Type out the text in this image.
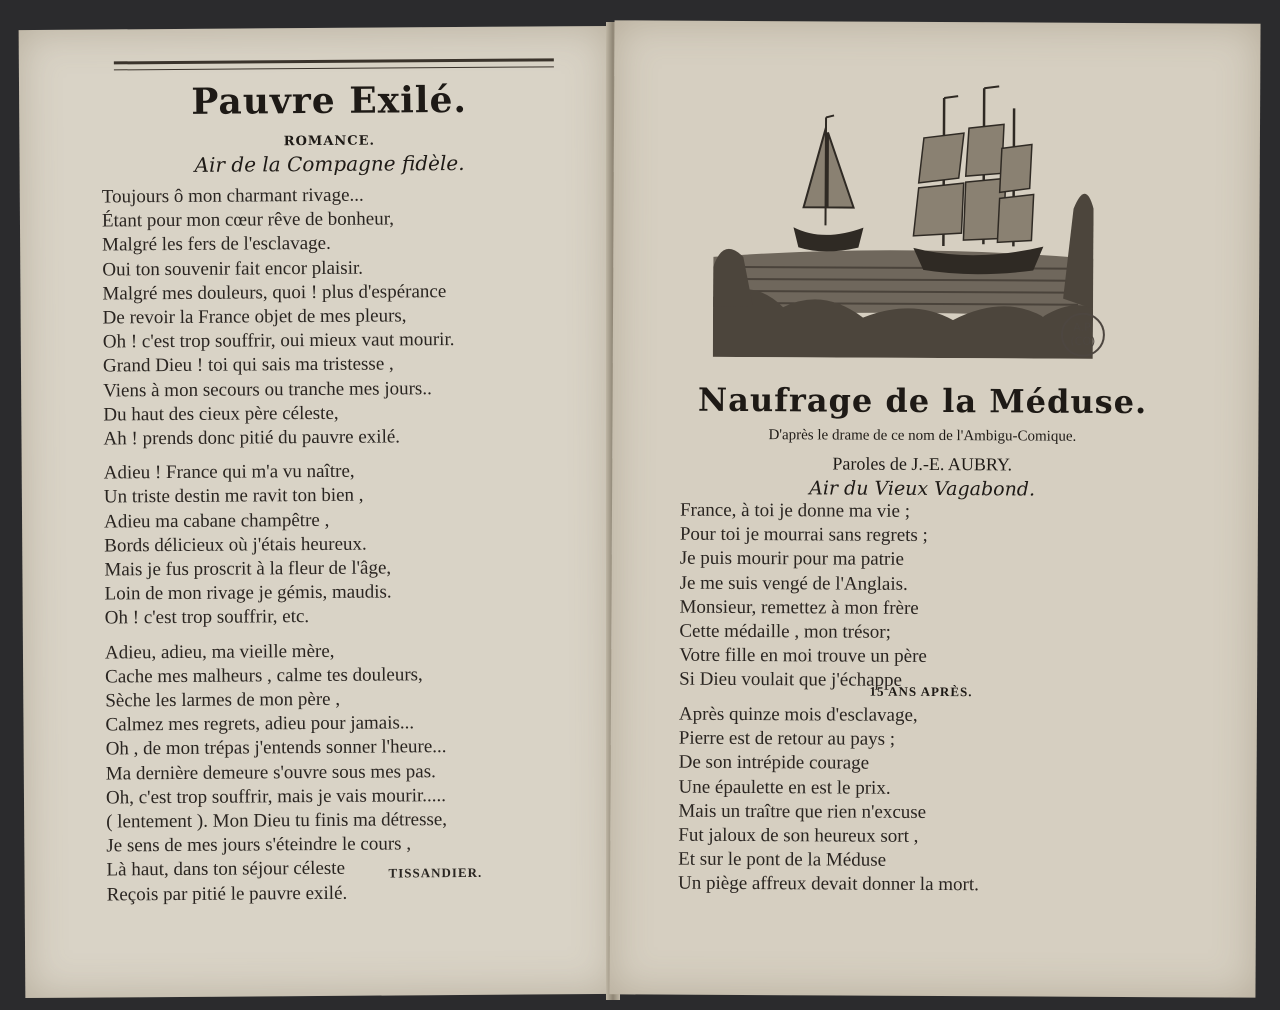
Pauvre Exilé.
ROMANCE.
Air de la Compagne fidèle.
Toujours ô mon charmant rivage...
Étant pour mon cœur rêve de bonheur,
Malgré les fers de l'esclavage.
Oui ton souvenir fait encor plaisir.
Malgré mes douleurs, quoi ! plus d'espérance
De revoir la France objet de mes pleurs,
Oh ! c'est trop souffrir, oui mieux vaut mourir.
Grand Dieu ! toi qui sais ma tristesse ,
Viens à mon secours ou tranche mes jours..
Du haut des cieux père céleste,
Ah ! prends donc pitié du pauvre exilé.
Adieu ! France qui m'a vu naître,
Un triste destin me ravit ton bien ,
Adieu ma cabane champêtre ,
Bords délicieux où j'étais heureux.
Mais je fus proscrit à la fleur de l'âge,
Loin de mon rivage je gémis, maudis.
Oh ! c'est trop souffrir, etc.
Adieu, adieu, ma vieille mère,
Cache mes malheurs , calme tes douleurs,
Sèche les larmes de mon père ,
Calmez mes regrets, adieu pour jamais...
Oh , de mon trépas j'entends sonner l'heure...
Ma dernière demeure s'ouvre sous mes pas.
Oh, c'est trop souffrir, mais je vais mourir.....
( lentement ). Mon Dieu tu finis ma détresse,
Je sens de mes jours s'éteindre le cours ,
Là haut, dans ton séjour céleste
Reçois par pitié le pauvre exilé.
TISSANDIER.
A.P. (CO)
Naufrage de la Méduse.
D'après le drame de ce nom de l'Ambigu-Comique.
Paroles de J.-E. AUBRY.
Air du Vieux Vagabond.
France, à toi je donne ma vie ;
Pour toi je mourrai sans regrets ;
Je puis mourir pour ma patrie
Je me suis vengé de l'Anglais.
Monsieur, remettez à mon frère
Cette médaille , mon trésor;
Votre fille en moi trouve un père
Si Dieu voulait que j'échappe
15 ANS APRÈS.
Après quinze mois d'esclavage,
Pierre est de retour au pays ;
De son intrépide courage
Une épaulette en est le prix.
Mais un traître que rien n'excuse
Fut jaloux de son heureux sort ,
Et sur le pont de la Méduse
Un piège affreux devait donner la mort.
